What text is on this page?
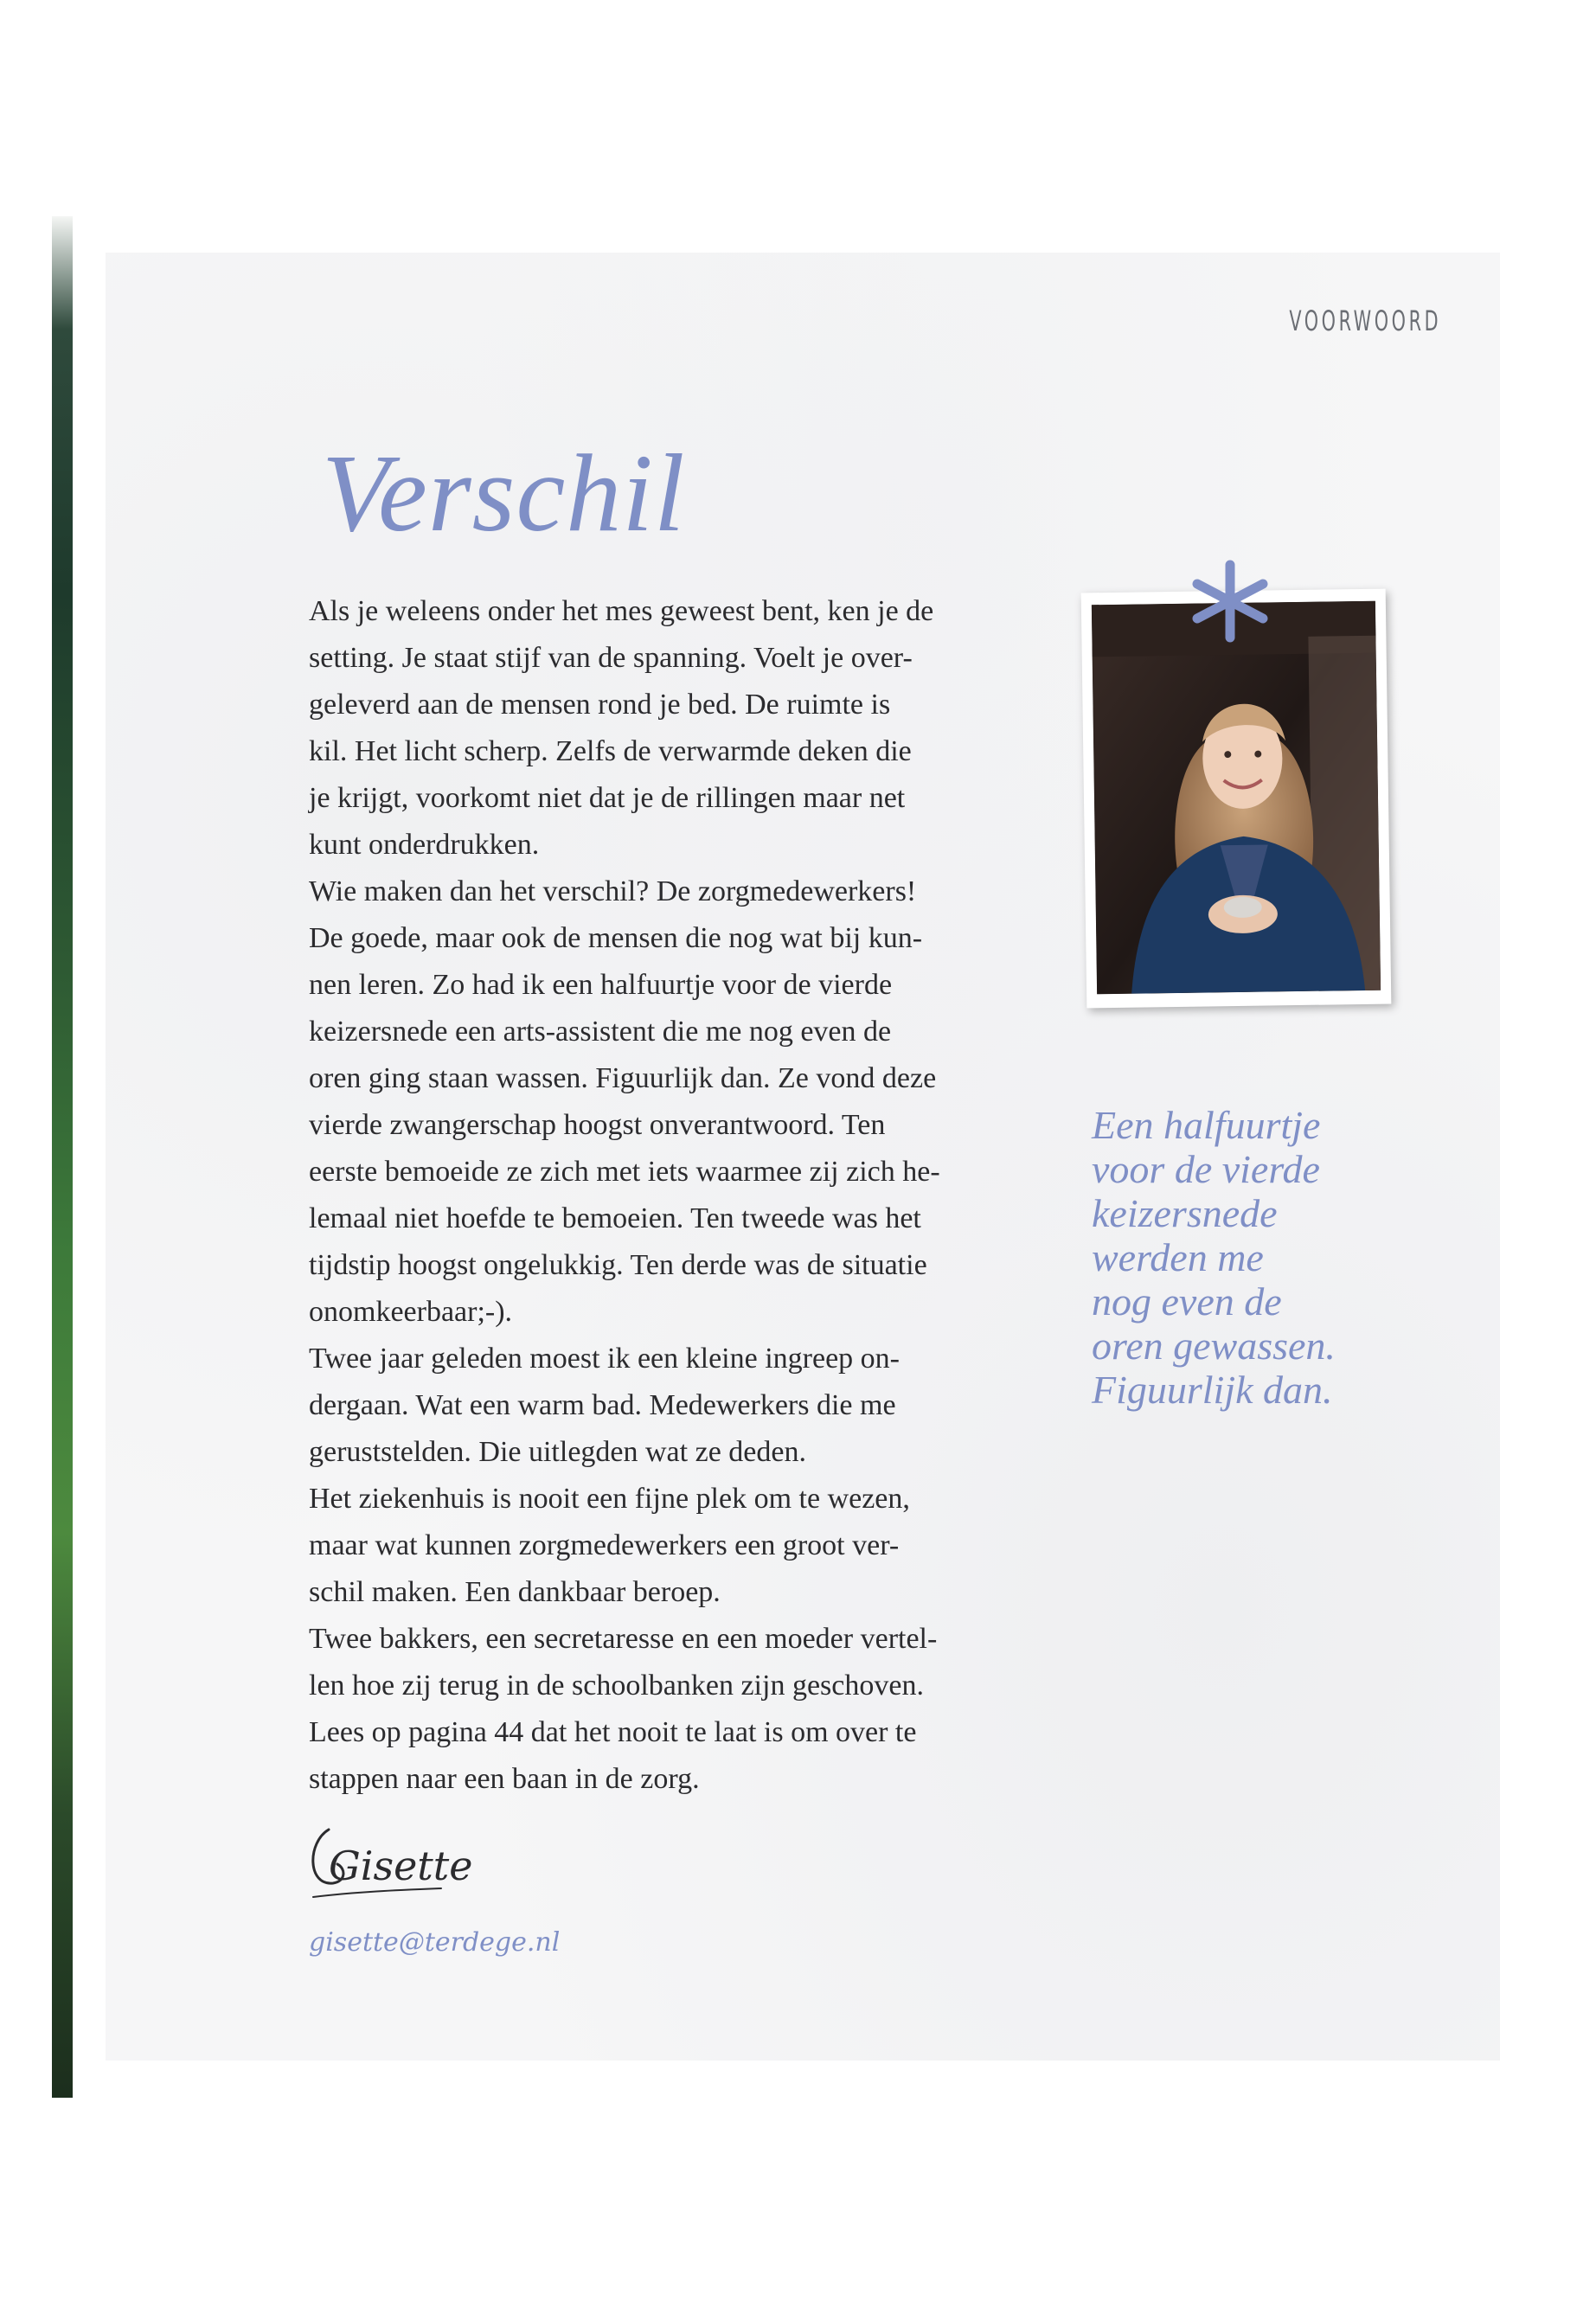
VOORWOORD
Verschil
Als je weleens onder het mes geweest bent, ken je de
setting. Je staat stijf van de spanning. Voelt je over-
geleverd aan de mensen rond je bed. De ruimte is
kil. Het licht scherp. Zelfs de verwarmde deken die
je krijgt, voorkomt niet dat je de rillingen maar net
kunt onderdrukken.
Wie maken dan het verschil? De zorgmedewerkers!
De goede, maar ook de mensen die nog wat bij kun-
nen leren. Zo had ik een halfuurtje voor de vierde
keizersnede een arts-assistent die me nog even de
oren ging staan wassen. Figuurlijk dan. Ze vond deze
vierde zwangerschap hoogst onverantwoord. Ten
eerste bemoeide ze zich met iets waarmee zij zich he-
lemaal niet hoefde te bemoeien. Ten tweede was het
tijdstip hoogst ongelukkig. Ten derde was de situatie
onomkeerbaar;-).
Twee jaar geleden moest ik een kleine ingreep on-
dergaan. Wat een warm bad. Medewerkers die me
geruststelden. Die uitlegden wat ze deden.
Het ziekenhuis is nooit een fijne plek om te wezen,
maar wat kunnen zorgmedewerkers een groot ver-
schil maken. Een dankbaar beroep.
Twee bakkers, een secretaresse en een moeder vertel-
len hoe zij terug in de schoolbanken zijn geschoven.
Lees op pagina 44 dat het nooit te laat is om over te
stappen naar een baan in de zorg.
Een halfuurtje
voor de vierde
keizersnede
werden me
nog even de
oren gewassen.
Figuurlijk dan.
Gisette
gisette@terdege.nl
